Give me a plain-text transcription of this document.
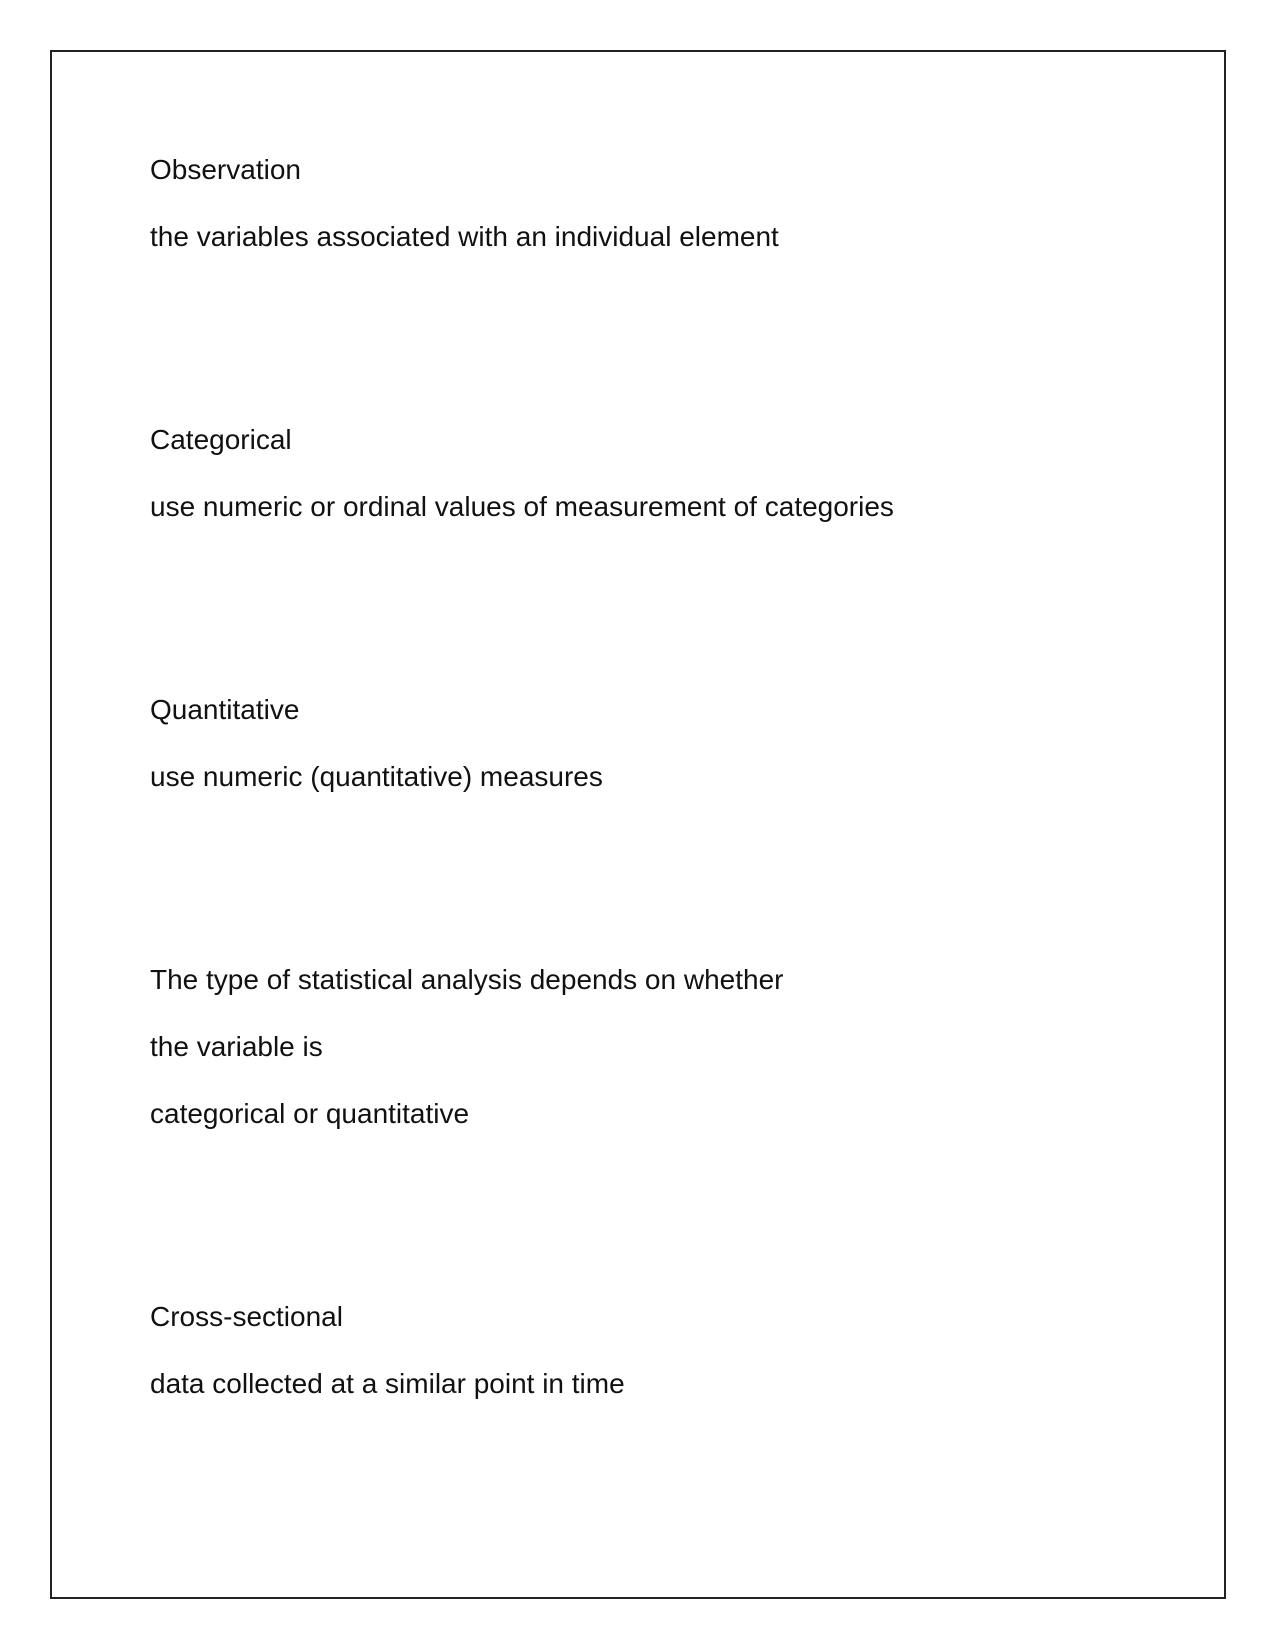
Observation

the variables associated with an individual element

Categorical

use numeric or ordinal values of measurement of categories

Quantitative

use numeric (quantitative) measures

The type of statistical analysis depends on whether

the variable is

categorical or quantitative

Cross-sectional

data collected at a similar point in time
